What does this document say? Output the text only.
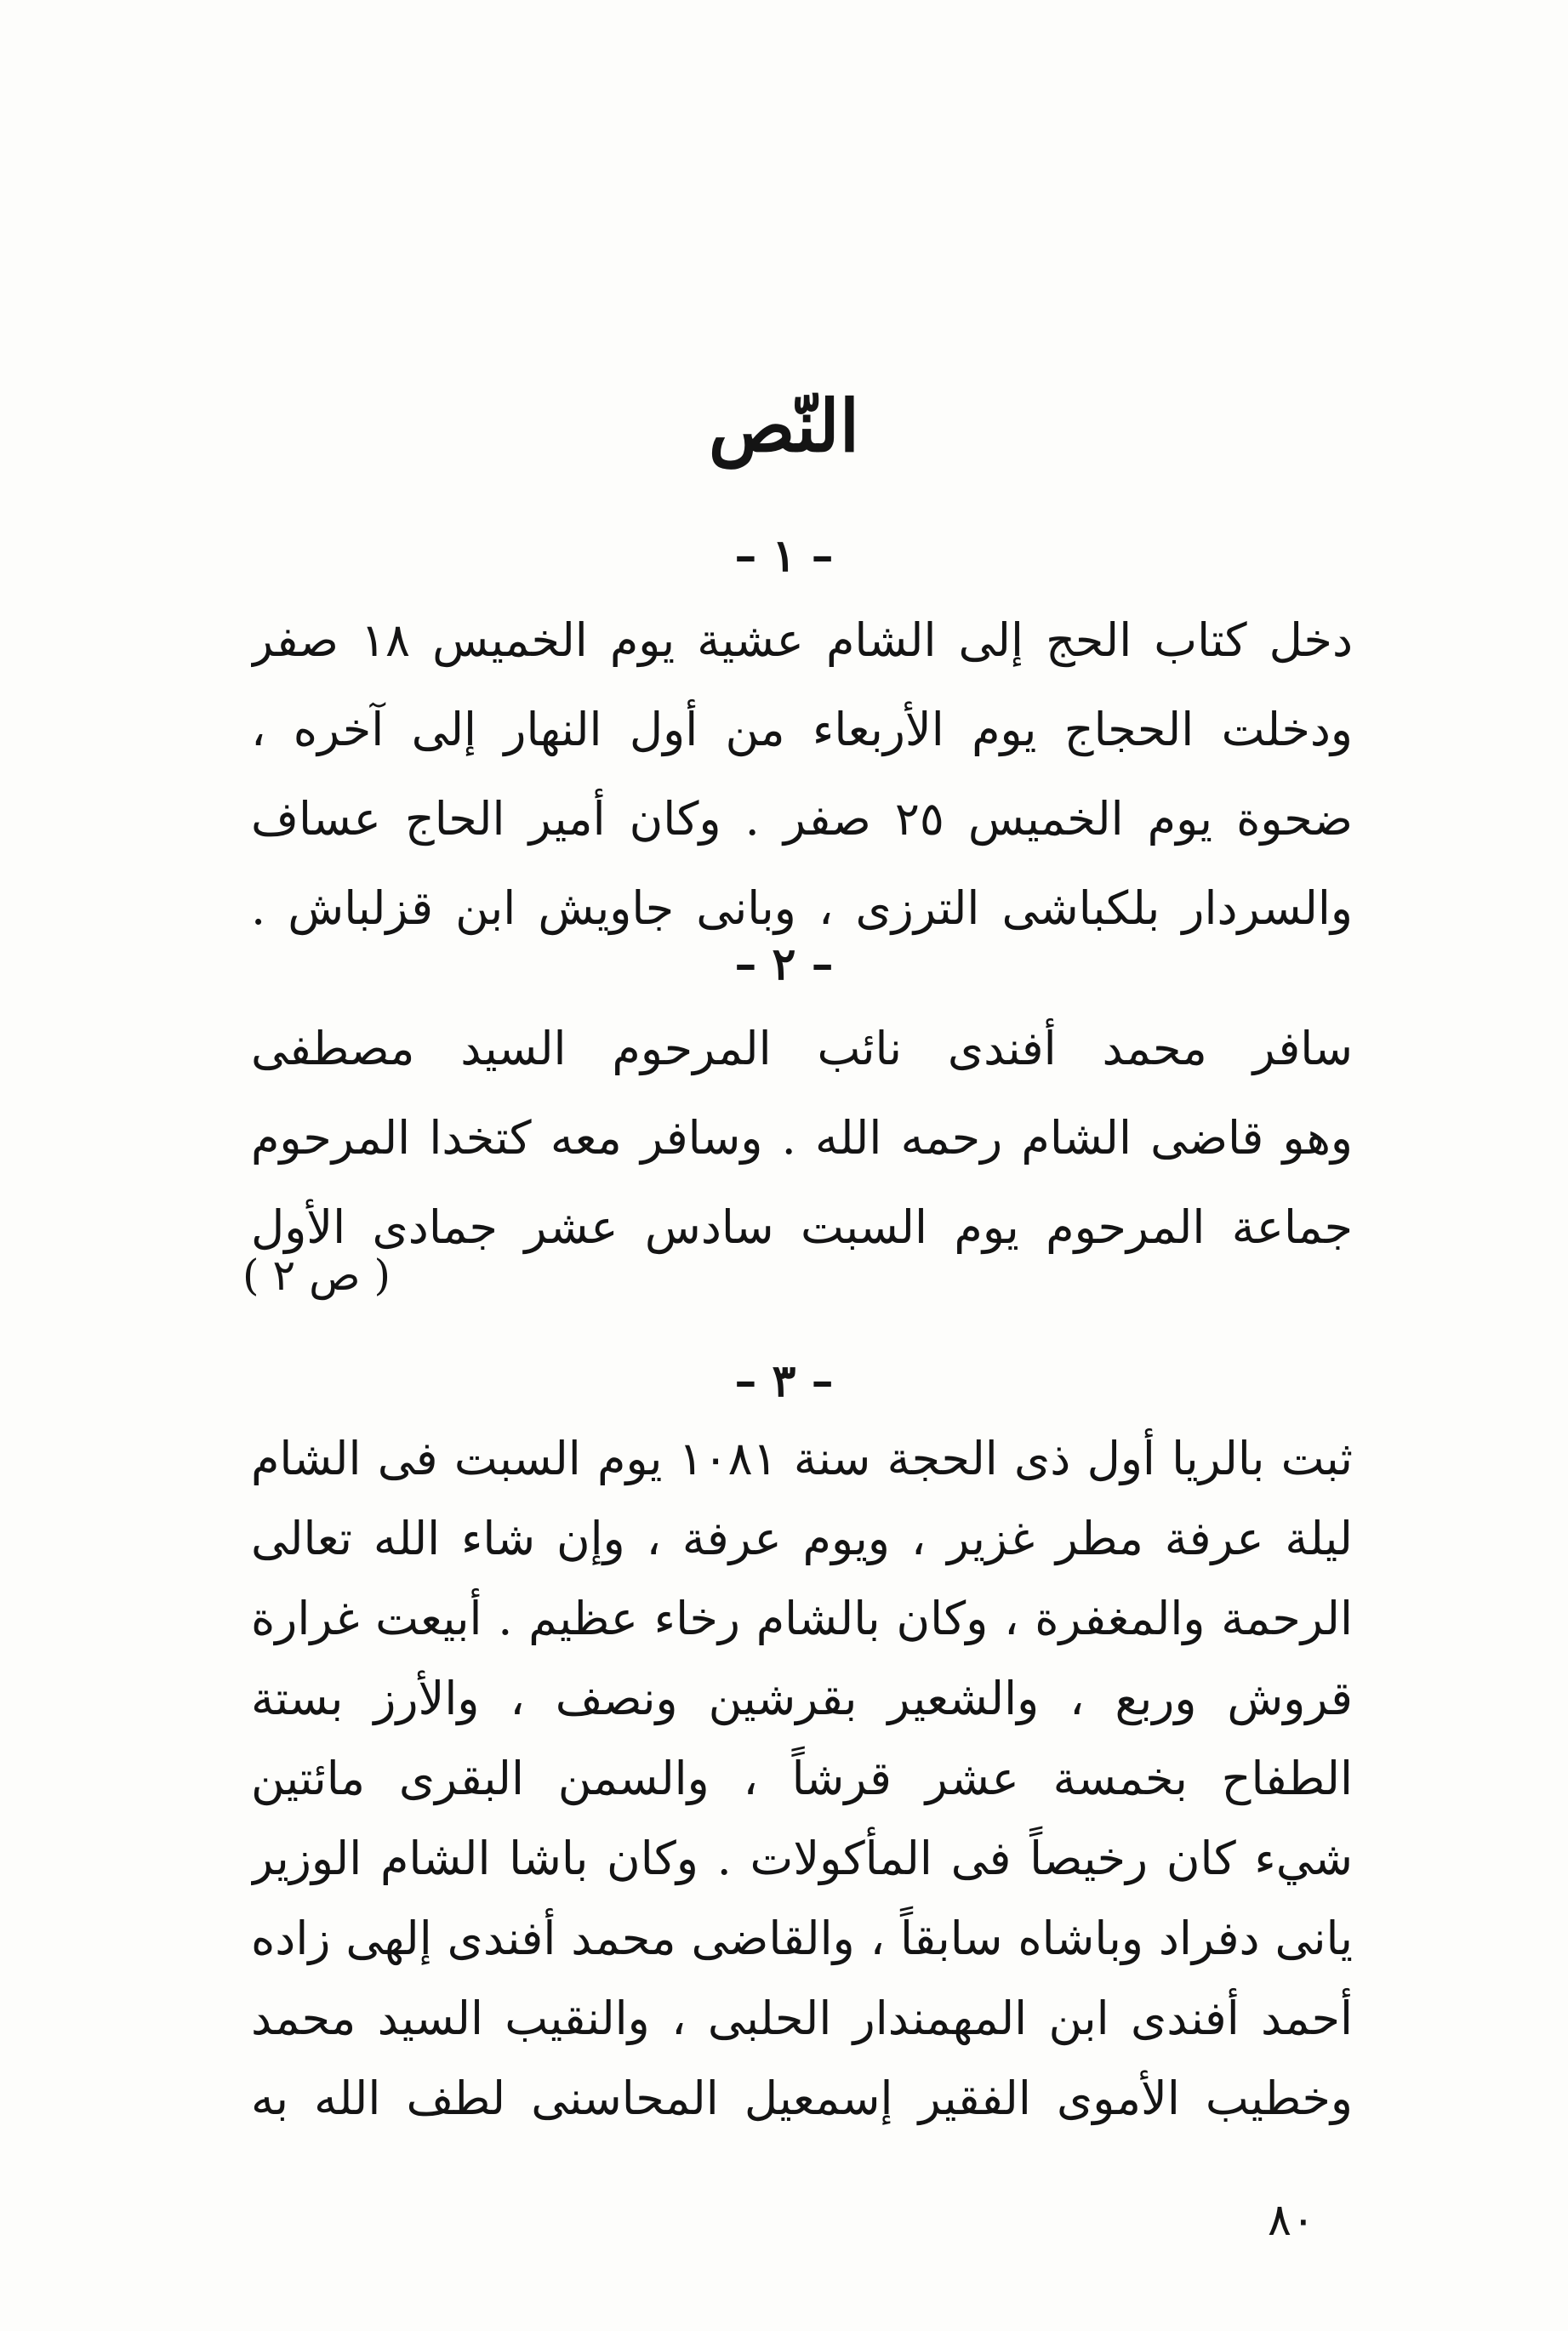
النّص
– ١ –
دخل كتاب الحج إلى الشام عشية يوم الخميس ١٨ صفر
ودخلت الحجاج يوم الأربعاء من أول النهار إلى آخره ،
ضحوة يوم الخميس ٢٥ صفر . وكان أمير الحاج عساف
والسردار بلكباشى الترزى ، وبانى جاويش ابن قزلباش .
– ٢ –
سافر محمد أفندى نائب المرحوم السيد مصطفى
وهو قاضى الشام رحمه الله . وسافر معه كتخدا المرحوم
جماعة المرحوم يوم السبت سادس عشر جمادى الأول
( ص ٢ )
– ٣ –
ثبت بالريا أول ذى الحجة سنة ١٠٨١ يوم السبت فى الشام
ليلة عرفة مطر غزير ، ويوم عرفة ، وإن شاء الله تعالى
الرحمة والمغفرة ، وكان بالشام رخاء عظيم . أبيعت غرارة
قروش وربع ، والشعير بقرشين ونصف ، والأرز بستة
الطفاح بخمسة عشر قرشاً ، والسمن البقرى مائتين
شيء كان رخيصاً فى المأكولات . وكان باشا الشام الوزير
يانى دفراد وباشاه سابقاً ، والقاضى محمد أفندى إلهى زاده
أحمد أفندى ابن المهمندار الحلبى ، والنقيب السيد محمد
وخطيب الأموى الفقير إسمعيل المحاسنى لطف الله به
٨٠
